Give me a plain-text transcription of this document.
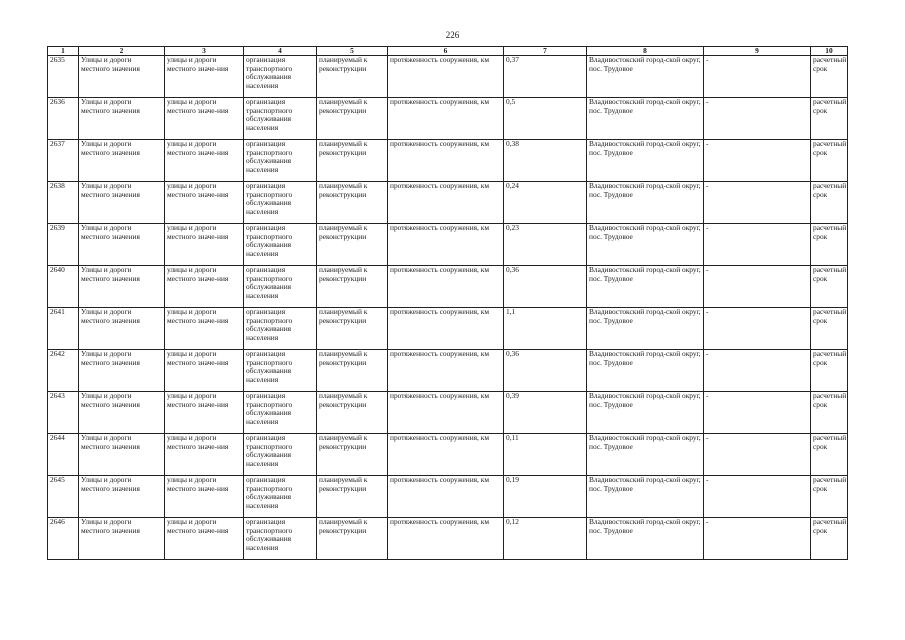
226
1	2	3	4	5	6	7	8	9	10
2635	Улицы и дороги местного значения	улицы и дороги местного значе-ния	организация транспортного обслуживания населения	планируемый к реконструкции	протяженность сооружения, км	0,37	Владивостокский город-ской округ, пос. Трудовое	-	расчетный срок
2636	Улицы и дороги местного значения	улицы и дороги местного значе-ния	организация транспортного обслуживания населения	планируемый к реконструкции	протяженность сооружения, км	0,5	Владивостокский город-ской округ, пос. Трудовое	-	расчетный срок
2637	Улицы и дороги местного значения	улицы и дороги местного значе-ния	организация транспортного обслуживания населения	планируемый к реконструкции	протяженность сооружения, км	0,38	Владивостокский город-ской округ, пос. Трудовое	-	расчетный срок
2638	Улицы и дороги местного значения	улицы и дороги местного значе-ния	организация транспортного обслуживания населения	планируемый к реконструкции	протяженность сооружения, км	0,24	Владивостокский город-ской округ, пос. Трудовое	-	расчетный срок
2639	Улицы и дороги местного значения	улицы и дороги местного значе-ния	организация транспортного обслуживания населения	планируемый к реконструкции	протяженность сооружения, км	0,23	Владивостокский город-ской округ, пос. Трудовое	-	расчетный срок
2640	Улицы и дороги местного значения	улицы и дороги местного значе-ния	организация транспортного обслуживания населения	планируемый к реконструкции	протяженность сооружения, км	0,36	Владивостокский город-ской округ, пос. Трудовое	-	расчетный срок
2641	Улицы и дороги местного значения	улицы и дороги местного значе-ния	организация транспортного обслуживания населения	планируемый к реконструкции	протяженность сооружения, км	1,1	Владивостокский город-ской округ, пос. Трудовое	-	расчетный срок
2642	Улицы и дороги местного значения	улицы и дороги местного значе-ния	организация транспортного обслуживания населения	планируемый к реконструкции	протяженность сооружения, км	0,36	Владивостокский город-ской округ, пос. Трудовое	-	расчетный срок
2643	Улицы и дороги местного значения	улицы и дороги местного значе-ния	организация транспортного обслуживания населения	планируемый к реконструкции	протяженность сооружения, км	0,39	Владивостокский город-ской округ, пос. Трудовое	-	расчетный срок
2644	Улицы и дороги местного значения	улицы и дороги местного значе-ния	организация транспортного обслуживания населения	планируемый к реконструкции	протяженность сооружения, км	0,11	Владивостокский город-ской округ, пос. Трудовое	-	расчетный срок
2645	Улицы и дороги местного значения	улицы и дороги местного значе-ния	организация транспортного обслуживания населения	планируемый к реконструкции	протяженность сооружения, км	0,19	Владивостокский город-ской округ, пос. Трудовое	-	расчетный срок
2646	Улицы и дороги местного значения	улицы и дороги местного значе-ния	организация транспортного обслуживания населения	планируемый к реконструкции	протяженность сооружения, км	0,12	Владивостокский город-ской округ, пос. Трудовое	-	расчетный срок
